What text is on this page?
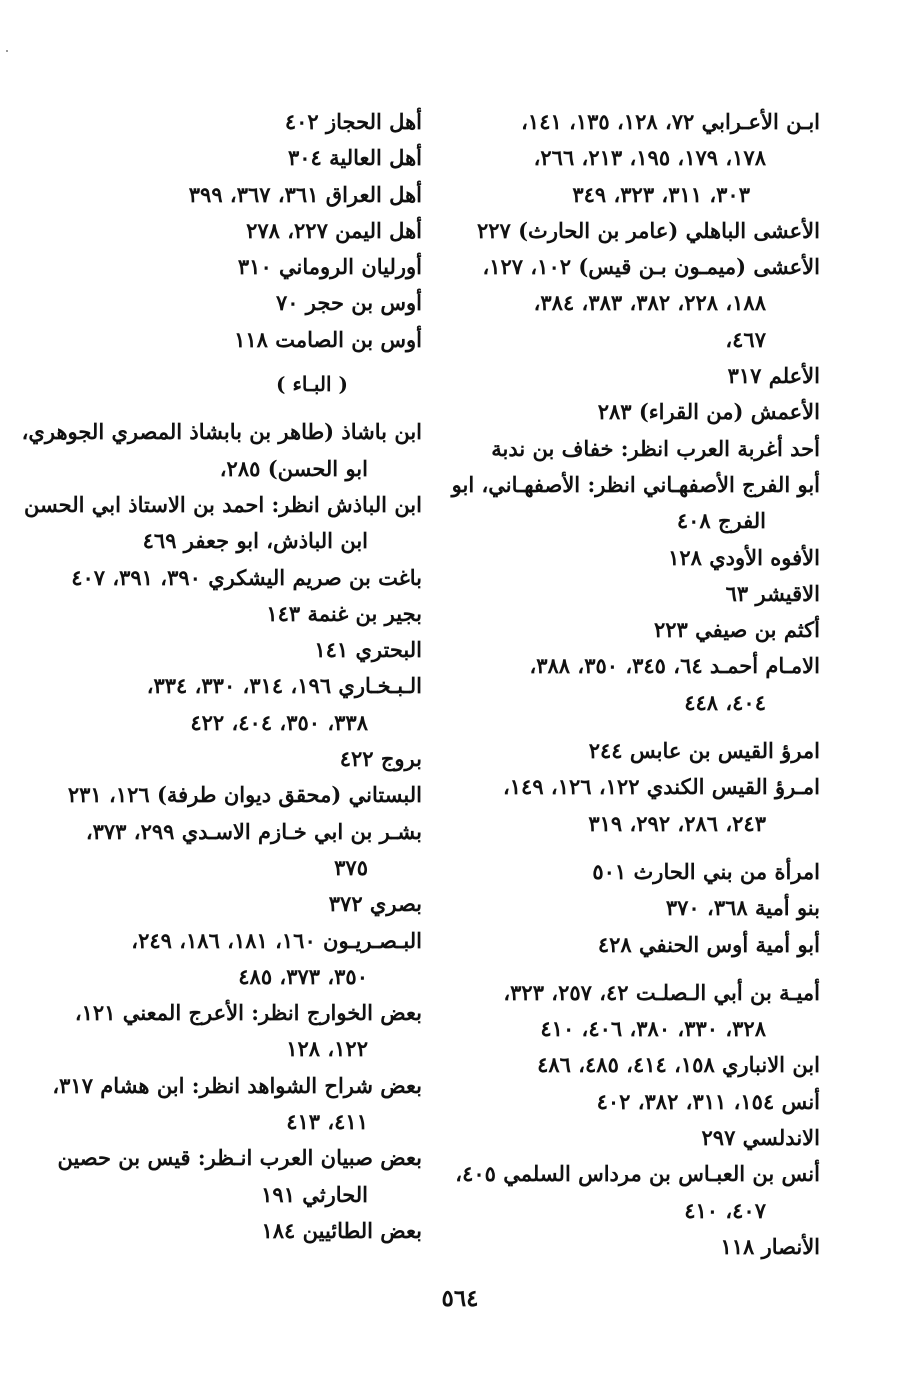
ابـن الأعـرابي ٧٢، ١٢٨، ١٣٥، ١٤١،
١٧٨، ١٧٩، ١٩٥، ٢١٣، ٢٦٦،
٣٠٣، ٣١١، ٣٢٣، ٣٤٩
الأعشى الباهلي (عامر بن الحارث) ٢٢٧
الأعشى (ميمـون بـن قيس) ١٠٢، ١٢٧،
١٨٨، ٢٢٨، ٣٨٢، ٣٨٣، ٣٨٤،
٤٦٧،
الأعلم ٣١٧
الأعمش (من القراء) ٢٨٣
أحد أغربة العرب انظر: خفاف بن ندبة
أبو الفرج الأصفهـاني انظر: الأصفهـاني، ابو
الفرج ٤٠٨
الأفوه الأودي ١٢٨
الاقيشر ٦٣
أكثم بن صيفي ٢٢٣
الامـام أحمـد ٦٤، ٣٤٥، ٣٥٠، ٣٨٨،
٤٠٤، ٤٤٨
امرؤ القيس بن عابس ٢٤٤
امـرؤ القيس الكندي ١٢٢، ١٢٦، ١٤٩،
٢٤٣، ٢٨٦، ٢٩٢، ٣١٩
امرأة من بني الحارث ٥٠١
بنو أمية ٣٦٨، ٣٧٠
أبو أمية أوس الحنفي ٤٢٨
أميـة بن أبي الـصلـت ٤٢، ٢٥٧، ٣٢٣،
٣٢٨، ٣٣٠، ٣٨٠، ٤٠٦، ٤١٠
ابن الانباري ١٥٨، ٤١٤، ٤٨٥، ٤٨٦
أنس ١٥٤، ٣١١، ٣٨٢، ٤٠٢
الاندلسي ٢٩٧
أنس بن العبـاس بن مرداس السلمي ٤٠٥،
٤٠٧، ٤١٠
الأنصار ١١٨
أهل الحجاز ٤٠٢
أهل العالية ٣٠٤
أهل العراق ٣٦١، ٣٦٧، ٣٩٩
أهل اليمن ٢٢٧، ٢٧٨
أورليان الروماني ٣١٠
أوس بن حجر ٧٠
أوس بن الصامت ١١٨
( البـاء )
ابن باشاذ (طاهر بن بابشاذ المصري الجوهري،
ابو الحسن) ٢٨٥،
ابن الباذش انظر: احمد بن الاستاذ ابي الحسن
ابن الباذش، ابو جعفر ٤٦٩
باغت بن صريم اليشكري ٣٩٠، ٣٩١، ٤٠٧
بجير بن غنمة ١٤٣
البحتري ١٤١
الـبـخـاري ١٩٦، ٣١٤، ٣٣٠، ٣٣٤،
٣٣٨، ٣٥٠، ٤٠٤، ٤٢٢
بروج ٤٢٢
البستاني (محقق ديوان طرفة) ١٢٦، ٢٣١
بشـر بن ابي خـازم الاسـدي ٢٩٩، ٣٧٣،
٣٧٥
بصري ٣٧٢
البـصـريـون ١٦٠، ١٨١، ١٨٦، ٢٤٩،
٣٥٠، ٣٧٣، ٤٨٥
بعض الخوارج انظر: الأعرج المعني ١٢١،
١٢٢، ١٢٨
بعض شراح الشواهد انظر: ابن هشام ٣١٧،
٤١١، ٤١٣
بعض صبيان العرب انـظر: قيس بن حصين
الحارثي ١٩١
بعض الطائيين ١٨٤
٥٦٤
